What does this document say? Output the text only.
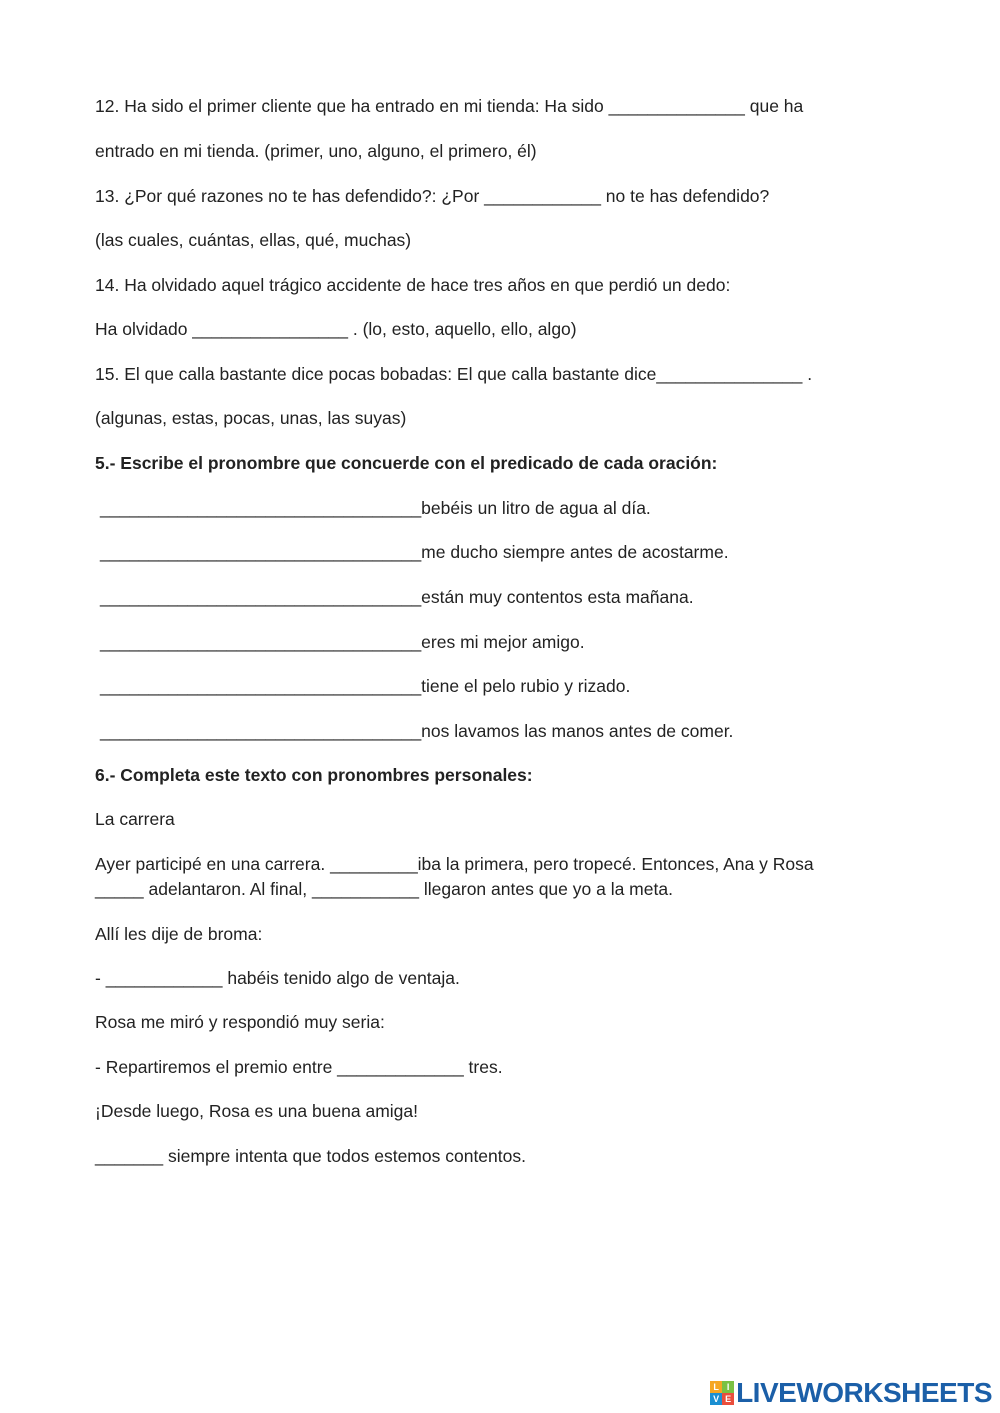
12. Ha sido el primer cliente que ha entrado en mi tienda: Ha sido ______________ que ha
entrado en mi tienda. (primer, uno, alguno, el primero, él)
13. ¿Por qué razones no te has defendido?: ¿Por ____________ no te has defendido?
(las cuales, cuántas, ellas, qué, muchas)
14. Ha olvidado aquel trágico accidente de hace tres años en que perdió un dedo:
Ha olvidado ________________ . (lo, esto, aquello, ello, algo)
15. El que calla bastante dice pocas bobadas: El que calla bastante dice_______________ .
(algunas, estas, pocas, unas, las suyas)
5.- Escribe el pronombre que concuerde con el predicado de cada oración:
_________________________________bebéis un litro de agua al día.
_________________________________me ducho siempre antes de acostarme.
_________________________________están muy contentos esta mañana.
_________________________________eres mi mejor amigo.
_________________________________tiene el pelo rubio y rizado.
_________________________________nos lavamos las manos antes de comer.
6.- Completa este texto con pronombres personales:
La carrera
Ayer participé en una carrera. _________iba la primera, pero tropecé. Entonces, Ana y Rosa
_____ adelantaron. Al final, ___________ llegaron antes que yo a la meta.
Allí les dije de broma:
- ____________ habéis tenido algo de ventaja.
Rosa me miró y respondió muy seria:
- Repartiremos el premio entre _____________ tres.
¡Desde luego, Rosa es una buena amiga!
_______ siempre intenta que todos estemos contentos.
L I
V E LIVEWORKSHEETS
